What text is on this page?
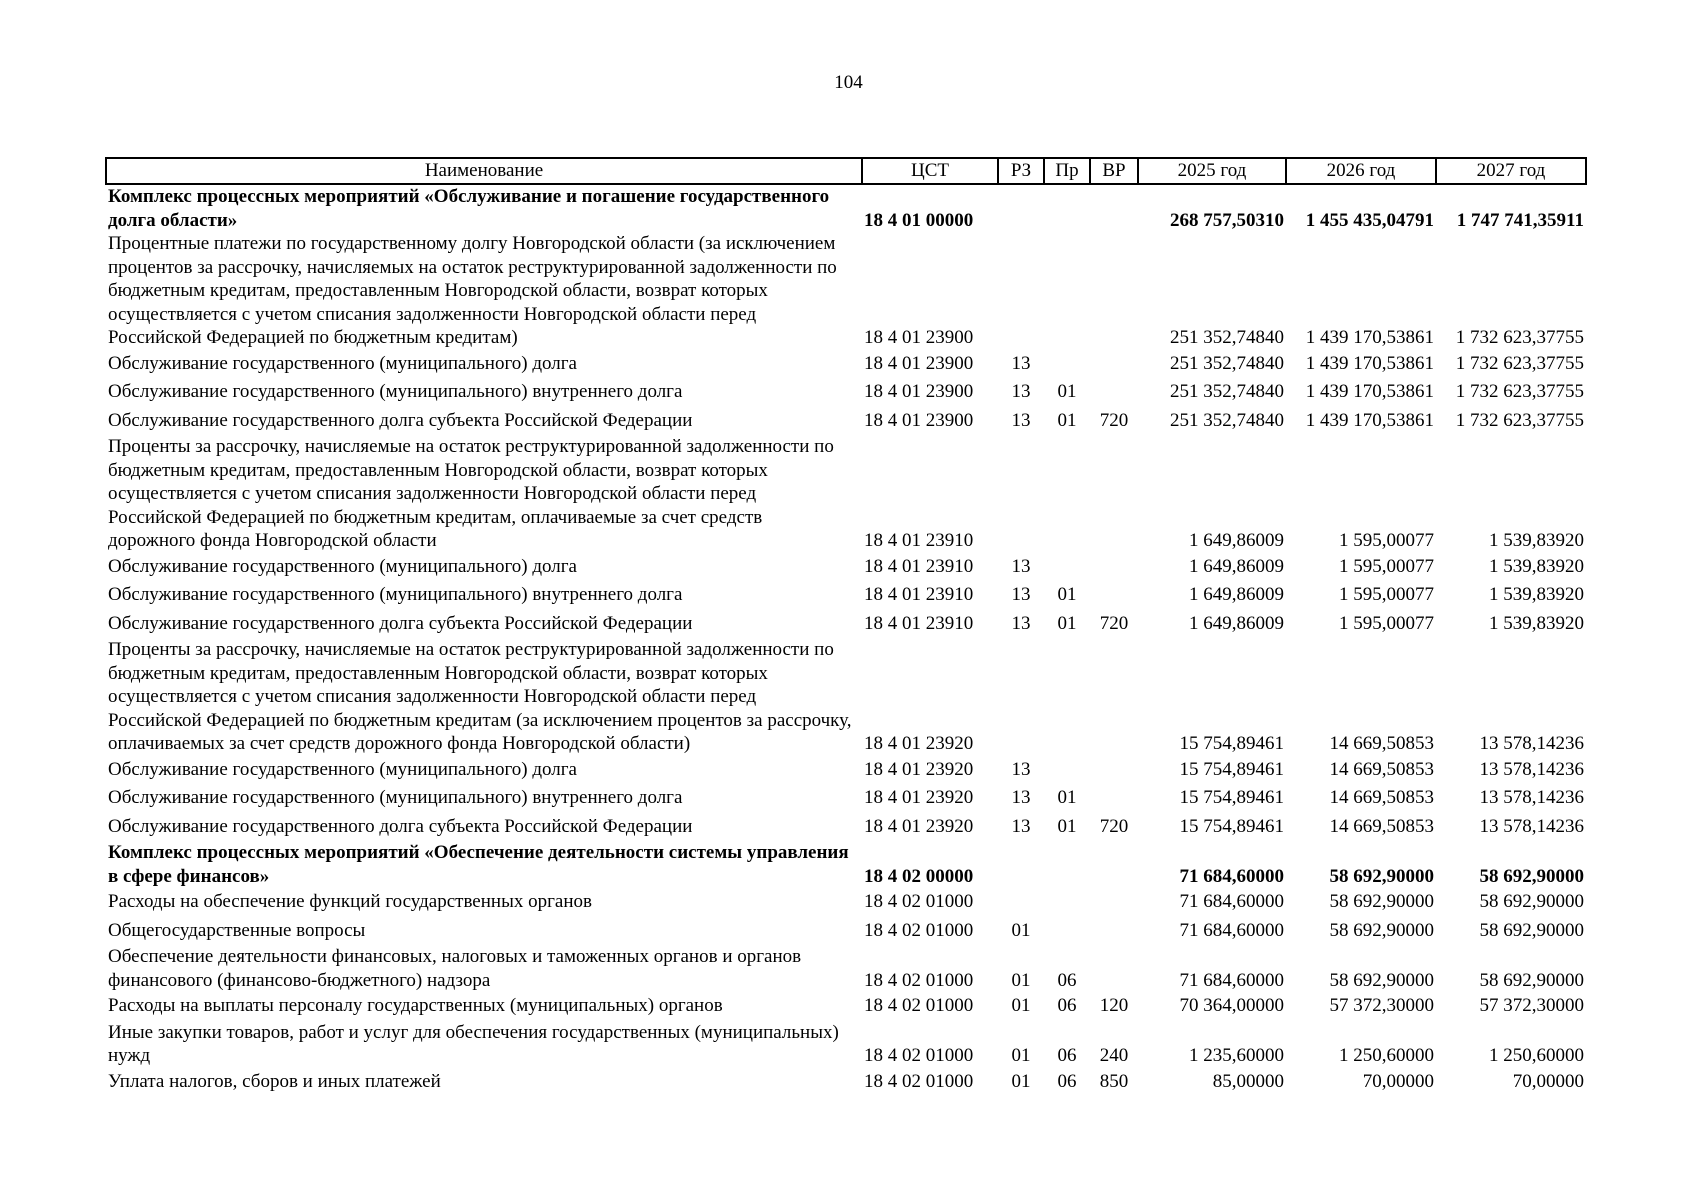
104
Наименование	ЦСТ	РЗ	Пр	ВР	2025 год	2026 год	2027 год
Комплекс процессных мероприятий «Обслуживание и погашение государственного долга области»	18 4 01 00000				268 757,50310	1 455 435,04791	1 747 741,35911
Процентные платежи по государственному долгу Новгородской области (за исключением процентов за рассрочку, начисляемых на остаток реструктурированной задолженности по бюджетным кредитам, предоставленным Новгородской области, возврат которых осуществляется с учетом списания задолженности Новгородской области перед Российской Федерацией по бюджетным кредитам)	18 4 01 23900				251 352,74840	1 439 170,53861	1 732 623,37755
Обслуживание государственного (муниципального) долга	18 4 01 23900	13			251 352,74840	1 439 170,53861	1 732 623,37755
Обслуживание государственного (муниципального) внутреннего долга	18 4 01 23900	13	01		251 352,74840	1 439 170,53861	1 732 623,37755
Обслуживание государственного долга субъекта Российской Федерации	18 4 01 23900	13	01	720	251 352,74840	1 439 170,53861	1 732 623,37755
Проценты за рассрочку, начисляемые на остаток реструктурированной задолженности по бюджетным кредитам, предоставленным Новгородской области, возврат которых осуществляется с учетом списания задолженности Новгородской области перед Российской Федерацией по бюджетным кредитам, оплачиваемые за счет средств дорожного фонда Новгородской области	18 4 01 23910				1 649,86009	1 595,00077	1 539,83920
Обслуживание государственного (муниципального) долга	18 4 01 23910	13			1 649,86009	1 595,00077	1 539,83920
Обслуживание государственного (муниципального) внутреннего долга	18 4 01 23910	13	01		1 649,86009	1 595,00077	1 539,83920
Обслуживание государственного долга субъекта Российской Федерации	18 4 01 23910	13	01	720	1 649,86009	1 595,00077	1 539,83920
Проценты за рассрочку, начисляемые на остаток реструктурированной задолженности по бюджетным кредитам, предоставленным Новгородской области, возврат которых осуществляется с учетом списания задолженности Новгородской области перед Российской Федерацией по бюджетным кредитам (за исключением процентов за рассрочку, оплачиваемых за счет средств дорожного фонда Новгородской области)	18 4 01 23920				15 754,89461	14 669,50853	13 578,14236
Обслуживание государственного (муниципального) долга	18 4 01 23920	13			15 754,89461	14 669,50853	13 578,14236
Обслуживание государственного (муниципального) внутреннего долга	18 4 01 23920	13	01		15 754,89461	14 669,50853	13 578,14236
Обслуживание государственного долга субъекта Российской Федерации	18 4 01 23920	13	01	720	15 754,89461	14 669,50853	13 578,14236
Комплекс процессных мероприятий «Обеспечение деятельности системы управления в сфере финансов»	18 4 02 00000				71 684,60000	58 692,90000	58 692,90000
Расходы на обеспечение функций государственных органов	18 4 02 01000				71 684,60000	58 692,90000	58 692,90000
Общегосударственные вопросы	18 4 02 01000	01			71 684,60000	58 692,90000	58 692,90000
Обеспечение деятельности финансовых, налоговых и таможенных органов и органов финансового (финансово-бюджетного) надзора	18 4 02 01000	01	06		71 684,60000	58 692,90000	58 692,90000
Расходы на выплаты персоналу государственных (муниципальных) органов	18 4 02 01000	01	06	120	70 364,00000	57 372,30000	57 372,30000
Иные закупки товаров, работ и услуг для обеспечения государственных (муниципальных) нужд	18 4 02 01000	01	06	240	1 235,60000	1 250,60000	1 250,60000
Уплата налогов, сборов и иных платежей	18 4 02 01000	01	06	850	85,00000	70,00000	70,00000
